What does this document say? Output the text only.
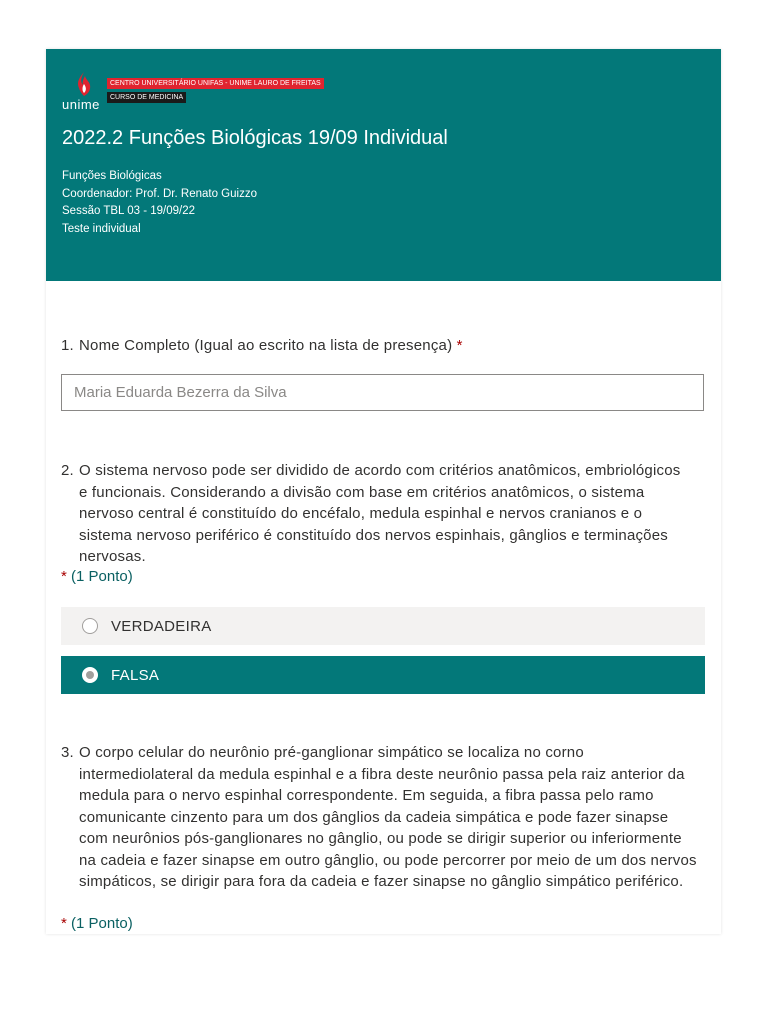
unime
CENTRO UNIVERSITÁRIO UNIFAS - UNIME LAURO DE FREITAS
CURSO DE MEDICINA
2022.2 Funções Biológicas 19/09 Individual
Funções Biológicas
Coordenador: Prof. Dr. Renato Guizzo
Sessão TBL 03 - 19/09/22
Teste individual
1. Nome Completo (Igual ao escrito na lista de presença) *
Maria Eduarda Bezerra da Silva
2. O sistema nervoso pode ser dividido de acordo com critérios anatômicos, embriológicos e funcionais. Considerando a divisão com base em critérios anatômicos, o sistema nervoso central é constituído do encéfalo, medula espinhal e nervos cranianos e o sistema nervoso periférico é constituído dos nervos espinhais, gânglios e terminações nervosas.
* (1 Ponto)
VERDADEIRA
FALSA
3. O corpo celular do neurônio pré-ganglionar simpático se localiza no corno intermediolateral da medula espinhal e a fibra deste neurônio passa pela raiz anterior da medula para o nervo espinhal correspondente. Em seguida, a fibra passa pelo ramo comunicante cinzento para um dos gânglios da cadeia simpática e pode fazer sinapse com neurônios pós-ganglionares no gânglio, ou pode se dirigir superior ou inferiormente na cadeia e fazer sinapse em outro gânglio, ou pode percorrer por meio de um dos nervos simpáticos, se dirigir para fora da cadeia e fazer sinapse no gânglio simpático periférico.
* (1 Ponto)
